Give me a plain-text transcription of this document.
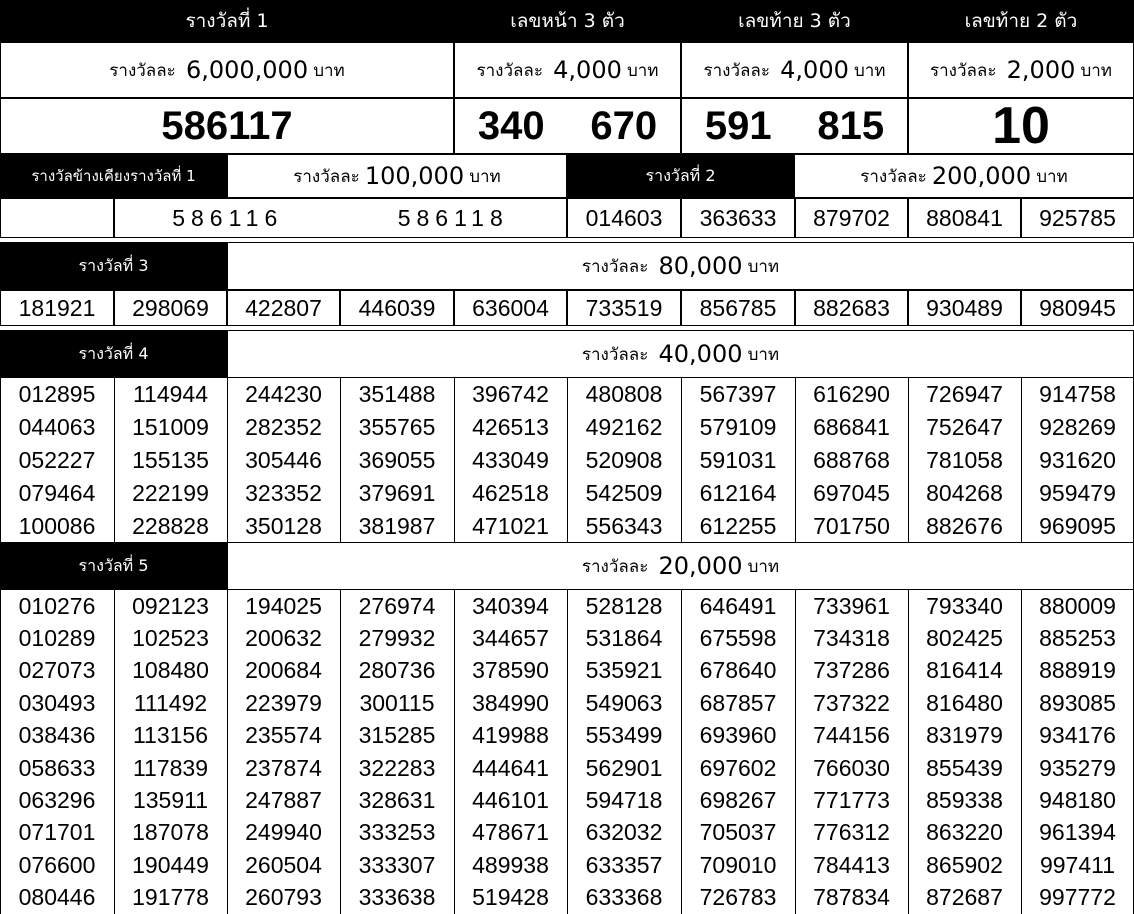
รางวัลที่ 1	เลขหน้า 3 ตัว	เลขท้าย 3 ตัว	เลขท้าย 2 ตัว
รางวัลละ
6,000,000
บาท	รางวัลละ
4,000
บาท	รางวัลละ
4,000
บาท	รางวัลละ
2,000
บาท
586117	340 670 591 815	10
รางวัลข้างเคียงรางวัลที่ 1	รางวัลละ
100,000
บาท	รางวัลที่ 2	รางวัลละ
200,000
บาท
586116	586118	014603	363633	879702	880841	925785
รางวัลที่ 3	รางวัลละ
80,000
บาท
181921	298069	422807	446039	636004	733519	856785	882683	930489	980945
รางวัลที่ 4	รางวัลละ
40,000
บาท
012895	114944	244230	351488	396742	480808	567397	616290	726947	914758
044063	151009	282352	355765	426513	492162	579109	686841	752647	928269
052227	155135	305446	369055	433049	520908	591031	688768	781058	931620
079464	222199	323352	379691	462518	542509	612164	697045	804268	959479
100086	228828	350128	381987	471021	556343	612255	701750	882676	969095
รางวัลที่ 5	รางวัลละ
20,000
บาท
010276	092123	194025	276974	340394	528128	646491	733961	793340	880009
010289	102523	200632	279932	344657	531864	675598	734318	802425	885253
027073	108480	200684	280736	378590	535921	678640	737286	816414	888919
030493	111492	223979	300115	384990	549063	687857	737322	816480	893085
038436	113156	235574	315285	419988	553499	693960	744156	831979	934176
058633	117839	237874	322283	444641	562901	697602	766030	855439	935279
063296	135911	247887	328631	446101	594718	698267	771773	859338	948180
071701	187078	249940	333253	478671	632032	705037	776312	863220	961394
076600	190449	260504	333307	489938	633357	709010	784413	865902	997411
080446	191778	260793	333638	519428	633368	726783	787834	872687	997772
